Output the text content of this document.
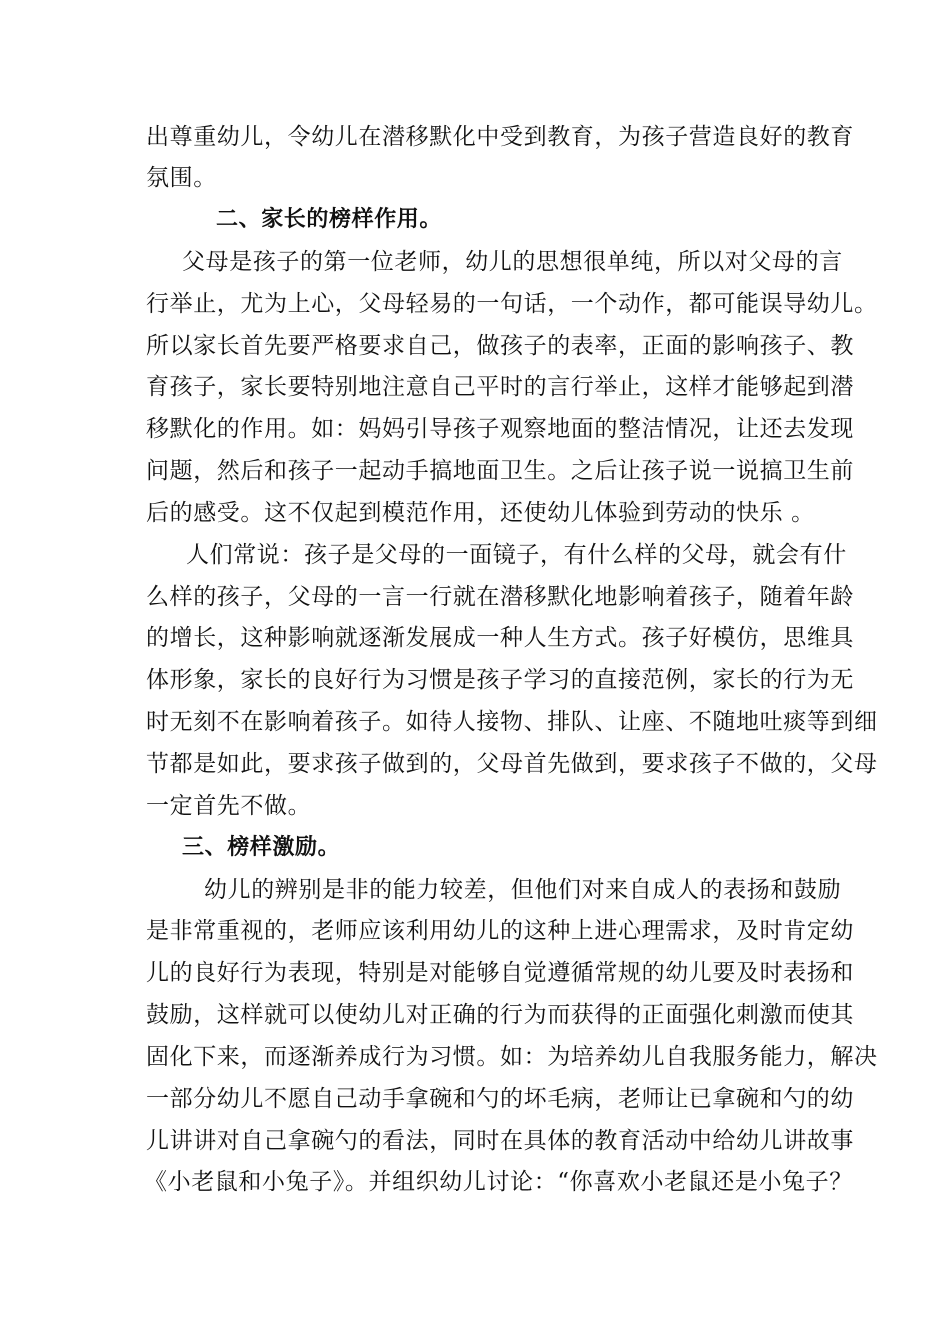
出尊重幼儿，令幼儿在潜移默化中受到教育，为孩子营造良好的教育
氛围。
二、家长的榜样作用。
父母是孩子的第一位老师，幼儿的思想很单纯，所以对父母的言
行举止，尤为上心，父母轻易的一句话，一个动作，都可能误导幼儿。
所以家长首先要严格要求自己，做孩子的表率，正面的影响孩子、教
育孩子，家长要特别地注意自己平时的言行举止，这样才能够起到潜
移默化的作用。如：妈妈引导孩子观察地面的整洁情况，让还去发现
问题，然后和孩子一起动手搞地面卫生。之后让孩子说一说搞卫生前
后的感受。这不仅起到模范作用，还使幼儿体验到劳动的快乐 。
人们常说：孩子是父母的一面镜子，有什么样的父母，就会有什
么样的孩子，父母的一言一行就在潜移默化地影响着孩子，随着年龄
的增长，这种影响就逐渐发展成一种人生方式。孩子好模仿，思维具
体形象，家长的良好行为习惯是孩子学习的直接范例，家长的行为无
时无刻不在影响着孩子。如待人接物、排队、让座、不随地吐痰等到细
节都是如此，要求孩子做到的，父母首先做到，要求孩子不做的，父母
一定首先不做。
三、榜样激励。
幼儿的辨别是非的能力较差，但他们对来自成人的表扬和鼓励
是非常重视的，老师应该利用幼儿的这种上进心理需求，及时肯定幼
儿的良好行为表现，特别是对能够自觉遵循常规的幼儿要及时表扬和
鼓励，这样就可以使幼儿对正确的行为而获得的正面强化刺激而使其
固化下来，而逐渐养成行为习惯。如：为培养幼儿自我服务能力，解决
一部分幼儿不愿自己动手拿碗和勺的坏毛病，老师让已拿碗和勺的幼
儿讲讲对自己拿碗勺的看法，同时在具体的教育活动中给幼儿讲故事
《小老鼠和小兔子》。并组织幼儿讨论：“你喜欢小老鼠还是小兔子？
